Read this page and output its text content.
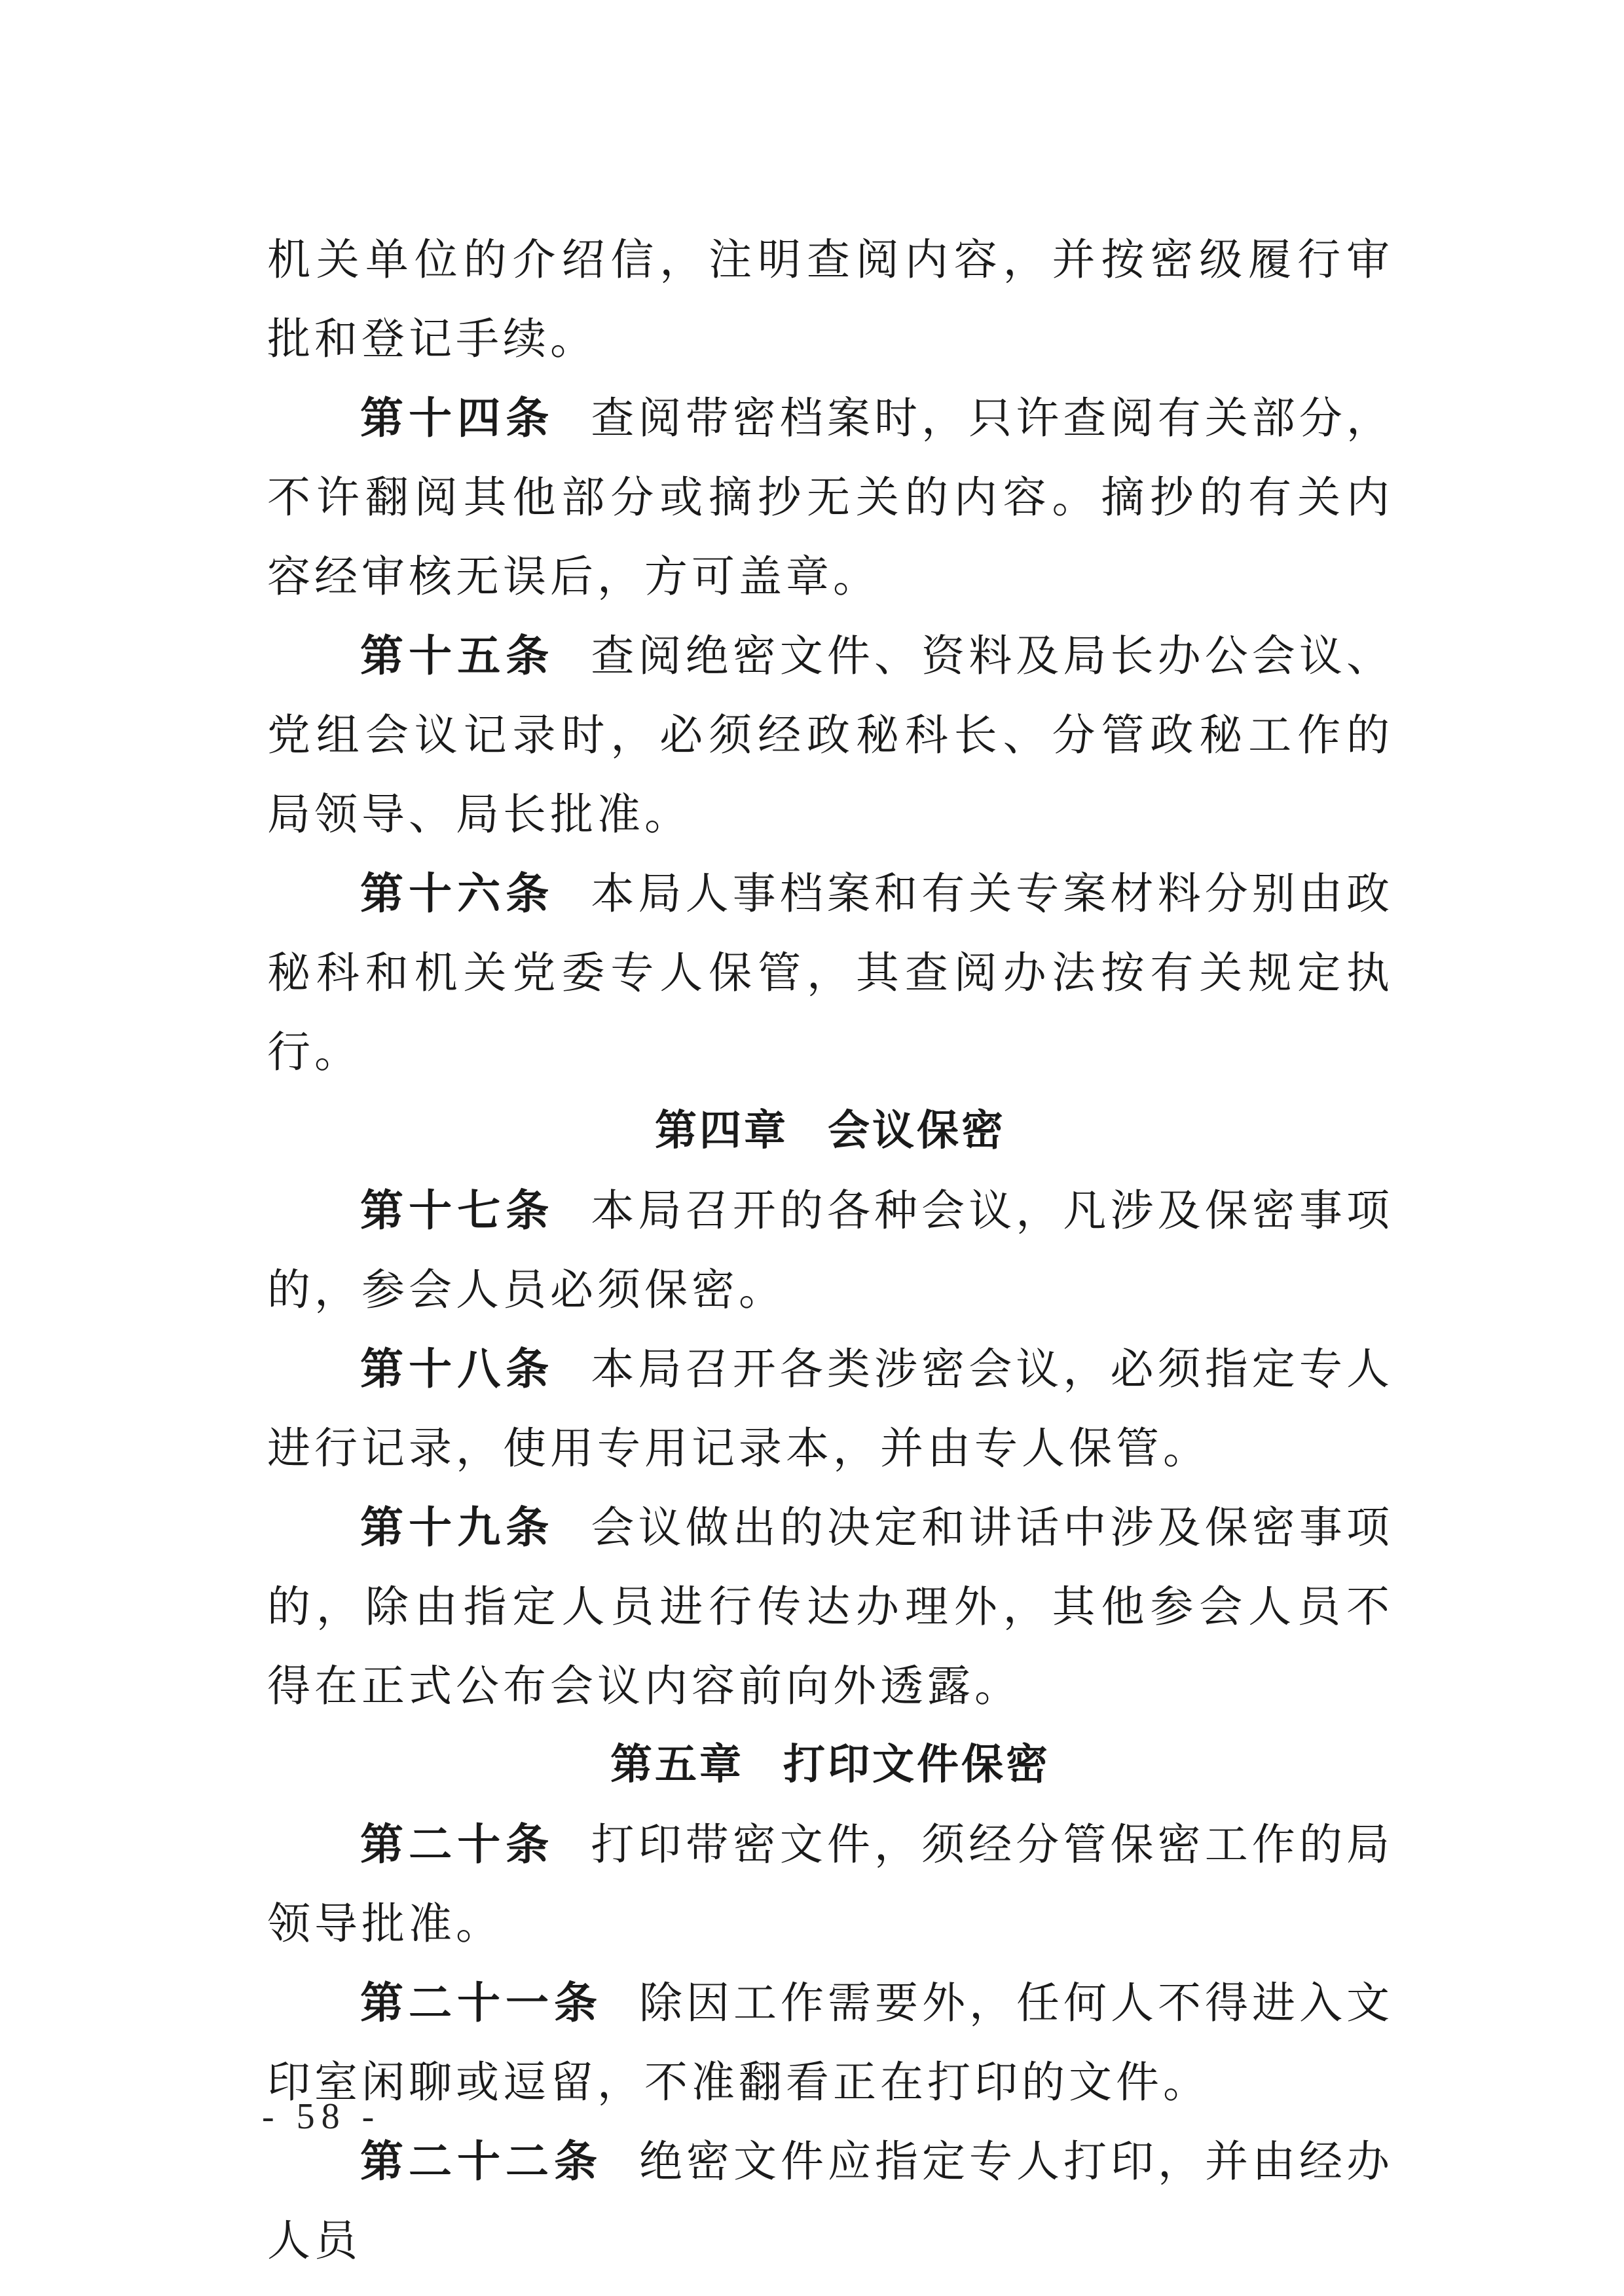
机关单位的介绍信，注明查阅内容，并按密级履行审批和登记手续。

第十四条 查阅带密档案时，只许查阅有关部分，不许翻阅其他部分或摘抄无关的内容。摘抄的有关内容经审核无误后，方可盖章。

第十五条 查阅绝密文件、资料及局长办公会议、党组会议记录时，必须经政秘科长、分管政秘工作的局领导、局长批准。

第十六条 本局人事档案和有关专案材料分别由政秘科和机关党委专人保管，其查阅办法按有关规定执行。

第四章 会议保密

第十七条 本局召开的各种会议，凡涉及保密事项的，参会人员必须保密。

第十八条 本局召开各类涉密会议，必须指定专人进行记录，使用专用记录本，并由专人保管。

第十九条 会议做出的决定和讲话中涉及保密事项的，除由指定人员进行传达办理外，其他参会人员不得在正式公布会议内容前向外透露。

第五章 打印文件保密

第二十条 打印带密文件，须经分管保密工作的局领导批准。

第二十一条 除因工作需要外，任何人不得进入文印室闲聊或逗留，不准翻看正在打印的文件。

第二十二条 绝密文件应指定专人打印，并由经办人员

- 58 -
